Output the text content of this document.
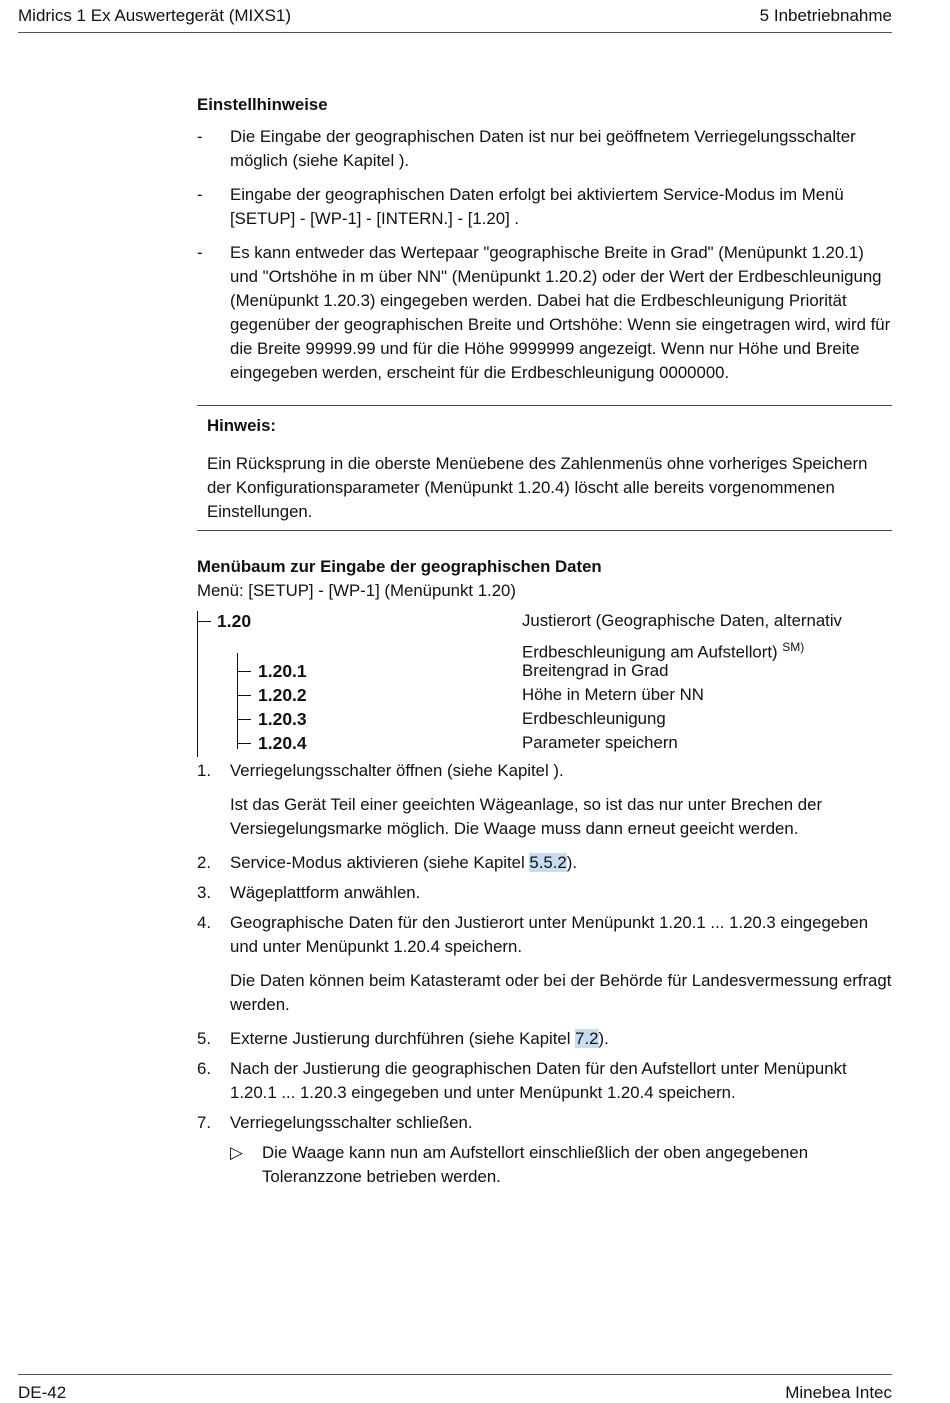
Midrics 1 Ex Auswertegerät (MIXS1)	5 Inbetriebnahme
Einstellhinweise
- Die Eingabe der geographischen Daten ist nur bei geöffnetem Verriegelungsschalter möglich (siehe Kapitel ).
- Eingabe der geographischen Daten erfolgt bei aktiviertem Service-Modus im Menü [SETUP] - [WP-1] - [INTERN.] - [1.20] .
- Es kann entweder das Wertepaar "geographische Breite in Grad" (Menüpunkt 1.20.1) und "Ortshöhe in m über NN" (Menüpunkt 1.20.2) oder der Wert der Erdbeschleunigung (Menüpunkt 1.20.3) eingegeben werden. Dabei hat die Erdbeschleunigung Priorität gegenüber der geographischen Breite und Ortshöhe: Wenn sie eingetragen wird, wird für die Breite 99999.99 und für die Höhe 9999999 angezeigt. Wenn nur Höhe und Breite eingegeben werden, erscheint für die Erdbeschleunigung 0000000.
Hinweis:
Ein Rücksprung in die oberste Menüebene des Zahlenmenüs ohne vorheriges Speichern der Konfigurationsparameter (Menüpunkt 1.20.4) löscht alle bereits vorgenommenen Einstellungen.
Menübaum zur Eingabe der geographischen Daten
Menü: [SETUP] - [WP-1] (Menüpunkt 1.20)
1.20	Justierort (Geographische Daten, alternativ
Erdbeschleunigung am Aufstellort) $^{SM)}$
1.20.1	Breitengrad in Grad
1.20.2	Höhe in Metern über NN
1.20.3	Erdbeschleunigung
1.20.4	Parameter speichern
1. Verriegelungsschalter öffnen (siehe Kapitel ).
Ist das Gerät Teil einer geeichten Wägeanlage, so ist das nur unter Brechen der Versiegelungsmarke möglich. Die Waage muss dann erneut geeicht werden.
2. Service-Modus aktivieren (siehe Kapitel 5.5.2).
3. Wägeplattform anwählen.
4. Geographische Daten für den Justierort unter Menüpunkt 1.20.1 ... 1.20.3 eingegeben und unter Menüpunkt 1.20.4 speichern.
Die Daten können beim Katasteramt oder bei der Behörde für Landesvermessung erfragt werden.
5. Externe Justierung durchführen (siehe Kapitel 7.2).
6. Nach der Justierung die geographischen Daten für den Aufstellort unter Menüpunkt 1.20.1 ... 1.20.3 eingegeben und unter Menüpunkt 1.20.4 speichern.
7. Verriegelungsschalter schließen.
▷ Die Waage kann nun am Aufstellort einschließlich der oben angegebenen Toleranzzone betrieben werden.
DE-42	Minebea Intec
